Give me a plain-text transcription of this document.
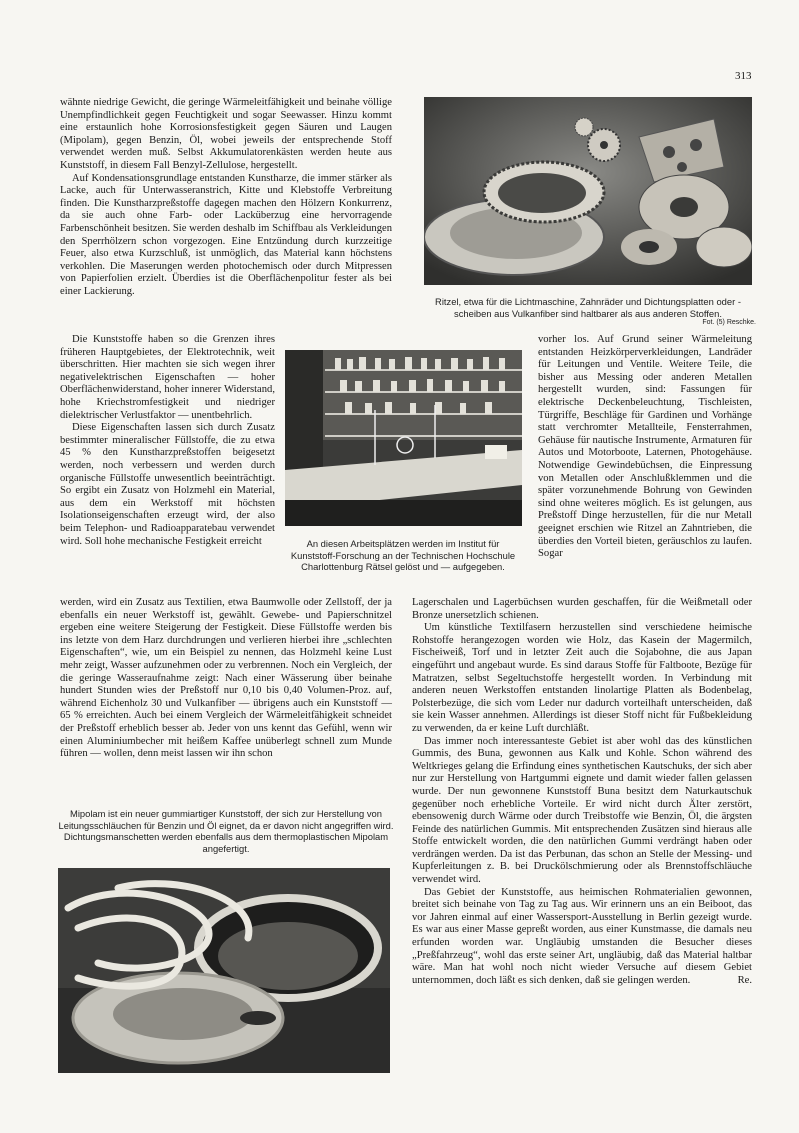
313

wähnte niedrige Gewicht, die geringe Wärmeleitfähigkeit und beinahe völlige Unempfindlichkeit gegen Feuchtigkeit und sogar Seewasser. Hinzu kommt eine erstaunlich hohe Korrosionsfestigkeit gegen Säuren und Laugen (Mipolam), gegen Benzin, Öl, wobei jeweils der entsprechende Stoff verwendet werden muß. Selbst Akkumulatorenkästen werden heute aus Kunststoff, in diesem Fall Benzyl-Zellulose, hergestellt.

Auf Kondensationsgrundlage entstanden Kunstharze, die immer stärker als Lacke, auch für Unterwasseranstrich, Kitte und Klebstoffe Verbreitung finden. Die Kunstharzpreßstoffe dagegen machen den Hölzern Konkurrenz, da sie auch ohne Farb- oder Lacküberzug eine hervorragende Farbenschönheit besitzen. Sie werden deshalb im Schiffbau als Verkleidungen den Sperrhölzern schon vorgezogen. Eine Entzündung durch kurzzeitige Feuer, also etwa Kurzschluß, ist unmöglich, das Material kann höchstens verkohlen. Die Maserungen werden photochemisch oder durch Mitpressen von Papierfolien erzielt. Überdies ist die Oberflächenpolitur fester als bei einer Lackierung.

Die Kunststoffe haben so die Grenzen ihres früheren Hauptgebietes, der Elektrotechnik, weit überschritten. Hier machten sie sich wegen ihrer negativelektrischen Eigenschaften — hoher Oberflächenwiderstand, hoher innerer Widerstand, hohe Kriechstromfestigkeit und niedriger dielektrischer Verlustfaktor — unentbehrlich.

Diese Eigenschaften lassen sich durch Zusatz bestimmter mineralischer Füllstoffe, die zu etwa 45 % den Kunstharzpreßstoffen beigesetzt werden, noch verbessern und werden durch organische Füllstoffe unwesentlich beeinträchtigt. So ergibt ein Zusatz von Holzmehl ein Material, aus dem ein Werkstoff mit höchsten Isolationseigenschaften erzeugt wird, der also beim Telephon- und Radioapparatebau verwendet wird. Soll hohe mechanische Festigkeit erreicht

werden, wird ein Zusatz aus Textilien, etwa Baumwolle oder Zellstoff, der ja ebenfalls ein neuer Werkstoff ist, gewählt. Gewebe- und Papierschnitzel ergeben eine weitere Steigerung der Festigkeit. Diese Füllstoffe werden bis ins letzte von dem Harz durchdrungen und verlieren hierbei ihre „schlechten Eigenschaften“, wie, um ein Beispiel zu nennen, das Holzmehl keine Lust mehr zeigt, Wasser aufzunehmen oder zu verbrennen. Noch ein Vergleich, der die geringe Wasseraufnahme zeigt: Nach einer Wässerung über beinahe hundert Stunden wies der Preßstoff nur 0,10 bis 0,40 Volumen-Proz. auf, während Eichenholz 30 und Vulkanfiber — übrigens auch ein Kunststoff — 65 % erreichten. Auch bei einem Vergleich der Wärmeleitfähigkeit schneidet der Preßstoff erheblich besser ab. Jeder von uns kennt das Gefühl, wenn wir einen Aluminiumbecher mit heißem Kaffee unüberlegt schnell zum Munde führen — wollen, denn meist lassen wir ihn schon

Ritzel, etwa für die Lichtmaschine, Zahnräder und Dichtungsplatten oder -scheiben aus Vulkanfiber sind haltbarer als aus anderen Stoffen.
Fot. (5) Reschke.
An diesen Arbeitsplätzen werden im Institut für Kunststoff-Forschung an der Technischen Hochschule Charlottenburg Rätsel gelöst und — aufgegeben.
Mipolam ist ein neuer gummiartiger Kunststoff, der sich zur Herstellung von Leitungsschläuchen für Benzin und Öl eignet, da er davon nicht angegriffen wird. Dichtungsmanschetten werden ebenfalls aus dem thermoplastischen Mipolam angefertigt.

vorher los. Auf Grund seiner Wärmeleitung entstanden Heizkörperverkleidungen, Landräder für Leitungen und Ventile. Weitere Teile, die bisher aus Messing oder anderen Metallen hergestellt wurden, sind: Fassungen für elektrische Deckenbeleuchtung, Tischleisten, Türgriffe, Beschläge für Gardinen und Vorhänge statt verchromter Metallteile, Fensterrahmen, Gehäuse für nautische Instrumente, Armaturen für Autos und Motorboote, Laternen, Photogehäuse. Notwendige Gewindebüchsen, die Einpressung von Metallen oder Anschlußklemmen und die später vorzunehmende Bohrung von Gewinden sind ohne weiteres möglich. Es ist gelungen, aus Preßstoff Dinge herzustellen, für die nur Metall geeignet erschien wie Ritzel an Zahntrieben, die überdies den Vorteil bieten, geräuschlos zu laufen. Sogar

Lagerschalen und Lagerbüchsen wurden geschaffen, für die Weißmetall oder Bronze unersetzlich schienen.

Um künstliche Textilfasern herzustellen sind verschiedene heimische Rohstoffe herangezogen worden wie Holz, das Kasein der Magermilch, Fischeiweiß, Torf und in letzter Zeit auch die Sojabohne, die aus Japan eingeführt und angebaut wurde. Es sind daraus Stoffe für Faltboote, Bezüge für Matratzen, selbst Segeltuchstoffe hergestellt worden. In Verbindung mit anderen neuen Werkstoffen entstanden linolartige Platten als Bodenbelag, Polsterbezüge, die sich vom Leder nur dadurch vorteilhaft unterscheiden, daß sie kein Wasser annehmen. Allerdings ist dieser Stoff nicht für Fußbekleidung zu verwenden, da er keine Luft durchläßt.

Das immer noch interessanteste Gebiet ist aber wohl das des künstlichen Gummis, des Buna, gewonnen aus Kalk und Kohle. Schon während des Weltkrieges gelang die Erfindung eines synthetischen Kautschuks, der sich aber nur zur Herstellung von Hartgummi eignete und damit wieder fallen gelassen wurde. Der nun gewonnene Kunststoff Buna besitzt dem Naturkautschuk gegenüber noch erhebliche Vorteile. Er wird nicht durch Älter zerstört, ebensowenig durch Wärme oder durch Treibstoffe wie Benzin, Öl, die ärgsten Feinde des natürlichen Gummis. Mit entsprechenden Zusätzen sind hieraus alle Stoffe entwickelt worden, die den natürlichen Gummi verdrängt haben oder verdrängen werden. Da ist das Perbunan, das schon an Stelle der Messing- und Kupferleitungen z. B. bei Druckölschmierung oder als Brennstoffschläuche verwendet wird.

Das Gebiet der Kunststoffe, aus heimischen Rohmaterialien gewonnen, breitet sich beinahe von Tag zu Tag aus. Wir erinnern uns an ein Beiboot, das vor Jahren einmal auf einer Wassersport-Ausstellung in Berlin gezeigt wurde. Es war aus einer Masse gepreßt worden, aus einer Kunstmasse, die damals neu erfunden worden war. Ungläubig umstanden die Besucher dieses „Preßfahrzeug“, wohl das erste seiner Art, ungläubig, daß das Material haltbar wäre. Man hat wohl noch nicht wieder Versuche auf diesem Gebiet unternommen, doch läßt es sich denken, daß sie gelingen werden.	Re.
